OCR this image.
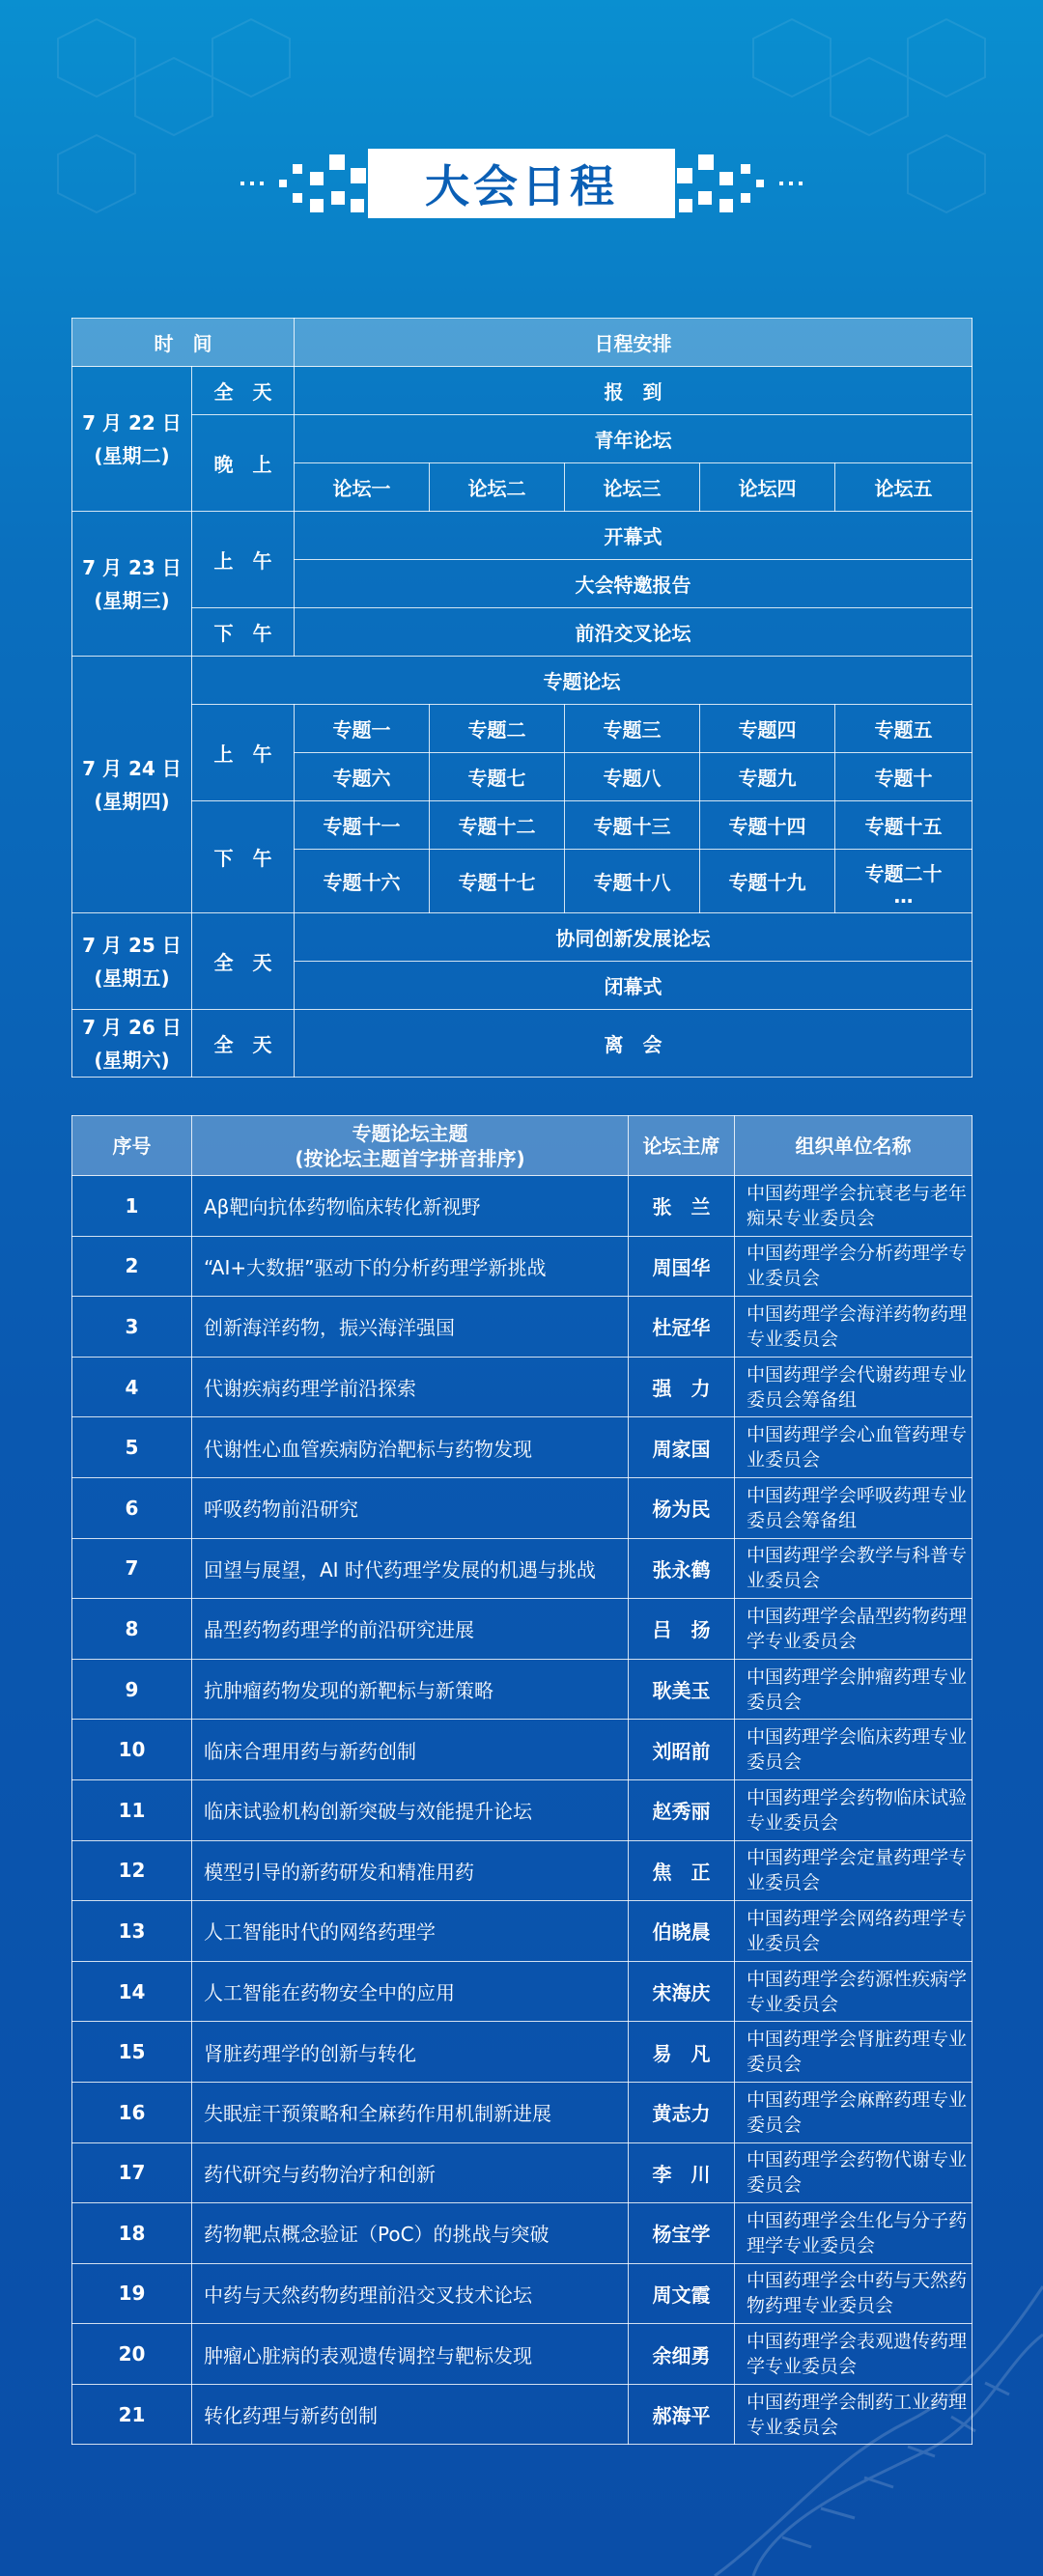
大会日程
时　间		日程安排				
7 月 22 日
(星期二)	全　天	报　到				
	晚　上	青年论坛				
		论坛一	论坛二	论坛三	论坛四	论坛五
7 月 23 日
(星期三)	上　午	开幕式				
		大会特邀报告				
	下　午	前沿交叉论坛				
7 月 24 日
(星期四)	专题论坛					
	上　午	专题一	专题二	专题三	专题四	专题五
		专题六	专题七	专题八	专题九	专题十
	下　午	专题十一	专题十二	专题十三	专题十四	专题十五
		专题十六	专题十七	专题十八	专题十九	专题二十
…

7 月 25 日
(星期五)	全　天	协同创新发展论坛				
		闭幕式				
7 月 26 日
(星期六)	全　天	离　会				
序号	专题论坛主题
(按论坛主题首字拼音排序)	论坛主席	组织单位名称
1	Aβ靶向抗体药物临床转化新视野	张　兰	中国药理学会抗衰老与老年痴呆专业委员会
2	“AI+大数据”驱动下的分析药理学新挑战	周国华	中国药理学会分析药理学专业委员会
3	创新海洋药物，振兴海洋强国	杜冠华	中国药理学会海洋药物药理专业委员会
4	代谢疾病药理学前沿探索	强　力	中国药理学会代谢药理专业委员会筹备组
5	代谢性心血管疾病防治靶标与药物发现	周家国	中国药理学会心血管药理专业委员会
6	呼吸药物前沿研究	杨为民	中国药理学会呼吸药理专业委员会筹备组
7	回望与展望，AI 时代药理学发展的机遇与挑战	张永鹤	中国药理学会教学与科普专业委员会
8	晶型药物药理学的前沿研究进展	吕　扬	中国药理学会晶型药物药理学专业委员会
9	抗肿瘤药物发现的新靶标与新策略	耿美玉	中国药理学会肿瘤药理专业委员会
10	临床合理用药与新药创制	刘昭前	中国药理学会临床药理专业委员会
11	临床试验机构创新突破与效能提升论坛	赵秀丽	中国药理学会药物临床试验专业委员会
12	模型引导的新药研发和精准用药	焦　正	中国药理学会定量药理学专业委员会
13	人工智能时代的网络药理学	伯晓晨	中国药理学会网络药理学专业委员会
14	人工智能在药物安全中的应用	宋海庆	中国药理学会药源性疾病学专业委员会
15	肾脏药理学的创新与转化	易　凡	中国药理学会肾脏药理专业委员会
16	失眠症干预策略和全麻药作用机制新进展	黄志力	中国药理学会麻醉药理专业委员会
17	药代研究与药物治疗和创新	李　川	中国药理学会药物代谢专业委员会
18	药物靶点概念验证（PoC）的挑战与突破	杨宝学	中国药理学会生化与分子药理学专业委员会
19	中药与天然药物药理前沿交叉技术论坛	周文霞	中国药理学会中药与天然药物药理专业委员会
20	肿瘤心脏病的表观遗传调控与靶标发现	余细勇	中国药理学会表观遗传药理学专业委员会
21	转化药理与新药创制	郝海平	中国药理学会制药工业药理专业委员会
